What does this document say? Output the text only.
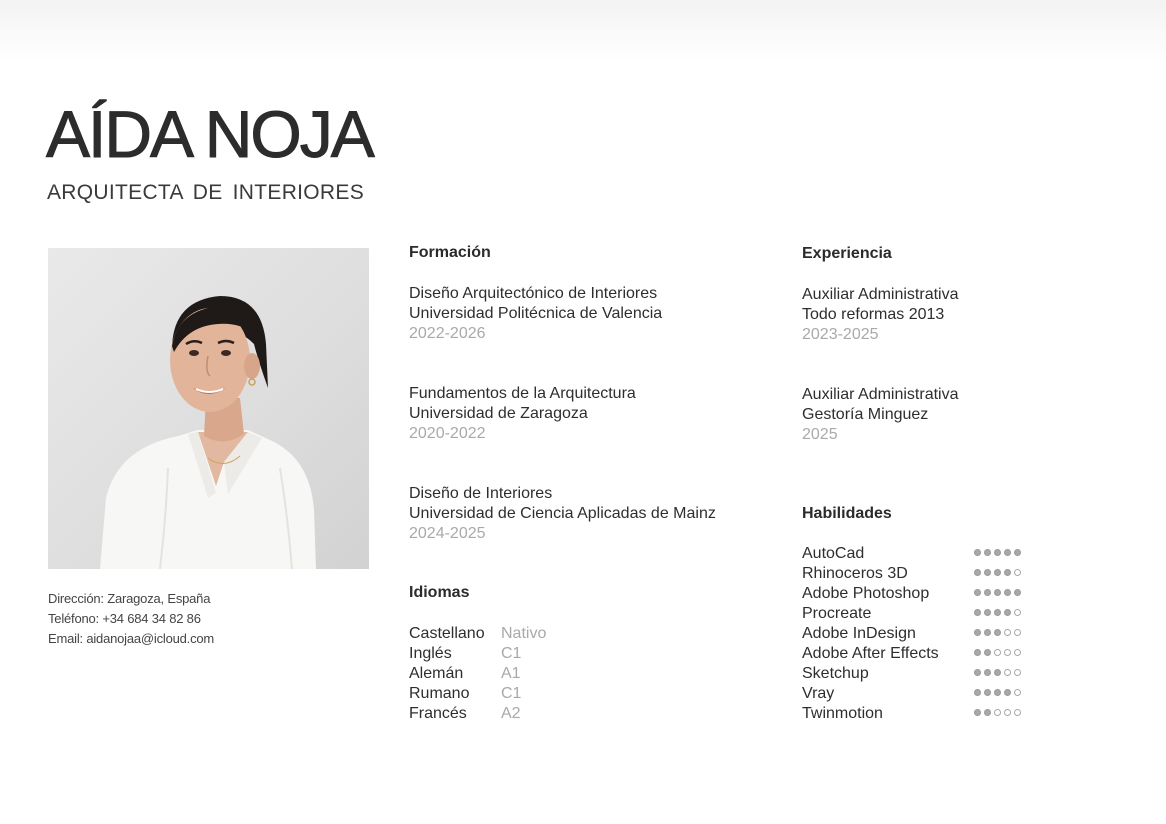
AÍDA NOJA

ARQUITECTA DE INTERIORES

Dirección: Zaragoza, España
Teléfono: +34 684 34 82 86
Email: aidanojaa@icloud.com
Formación
Diseño Arquitectónico de Interiores
Universidad Politécnica de Valencia
2022-2026
Fundamentos de la Arquitectura
Universidad de Zaragoza
2020-2022
Diseño de Interiores
Universidad de Ciencia Aplicadas de Mainz
2024-2025
Idiomas
Castellano Nativo
Inglés	C1
Alemán A1
Rumano C1
Francés A2
Experiencia
Auxiliar Administrativa
Todo reformas 2013
2023-2025
Auxiliar Administrativa
Gestoría Minguez
2025
Habilidades
AutoCad
Rhinoceros 3D
Adobe Photoshop
Procreate
Adobe InDesign
Adobe After Effects
Sketchup
Vray
Twinmotion
